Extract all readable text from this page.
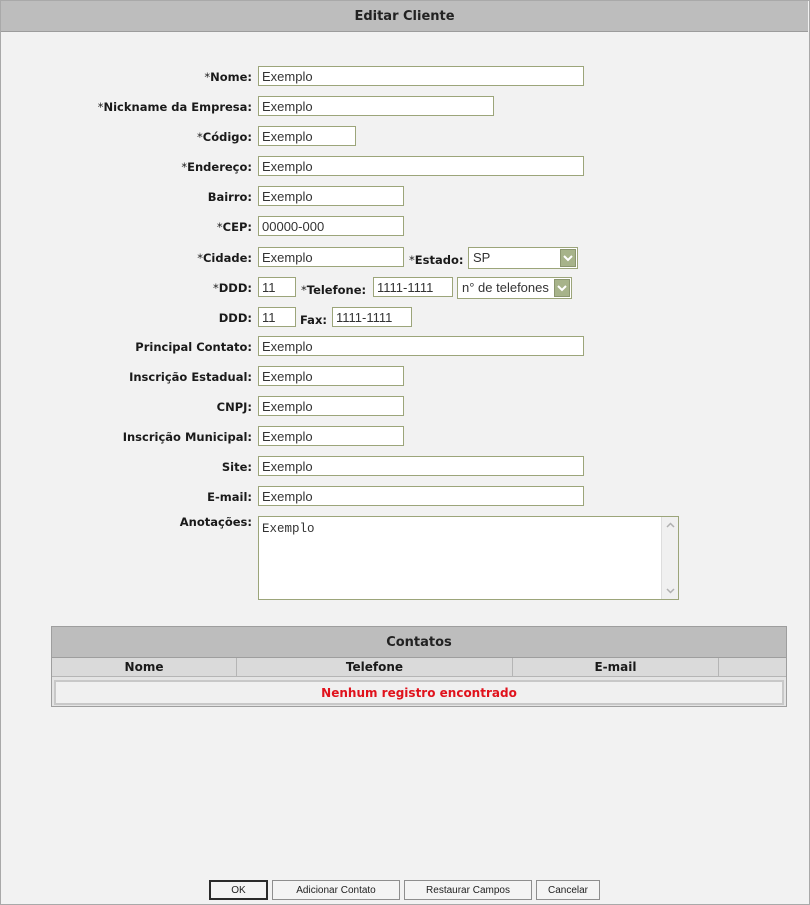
Editar Cliente
*Nome: Exemplo
*Nickname da Empresa: Exemplo
*Código: Exemplo
*Endereço: Exemplo
Bairro: Exemplo
*CEP: 00000-000
*Cidade: Exemplo	*Estado: SP
*DDD: 11	*Telefone: 1111-1111	n° de telefones
DDD: 11	Fax: 1111-1111
Principal Contato: Exemplo
Inscrição Estadual: Exemplo
CNPJ: Exemplo
Inscrição Municipal: Exemplo
Site: Exemplo
E-mail: Exemplo
Anotações: Exemplo
Contatos
Nome	Telefone	E-mail
Nenhum registro encontrado
OK	Adicionar Contato	Restaurar Campos	Cancelar
